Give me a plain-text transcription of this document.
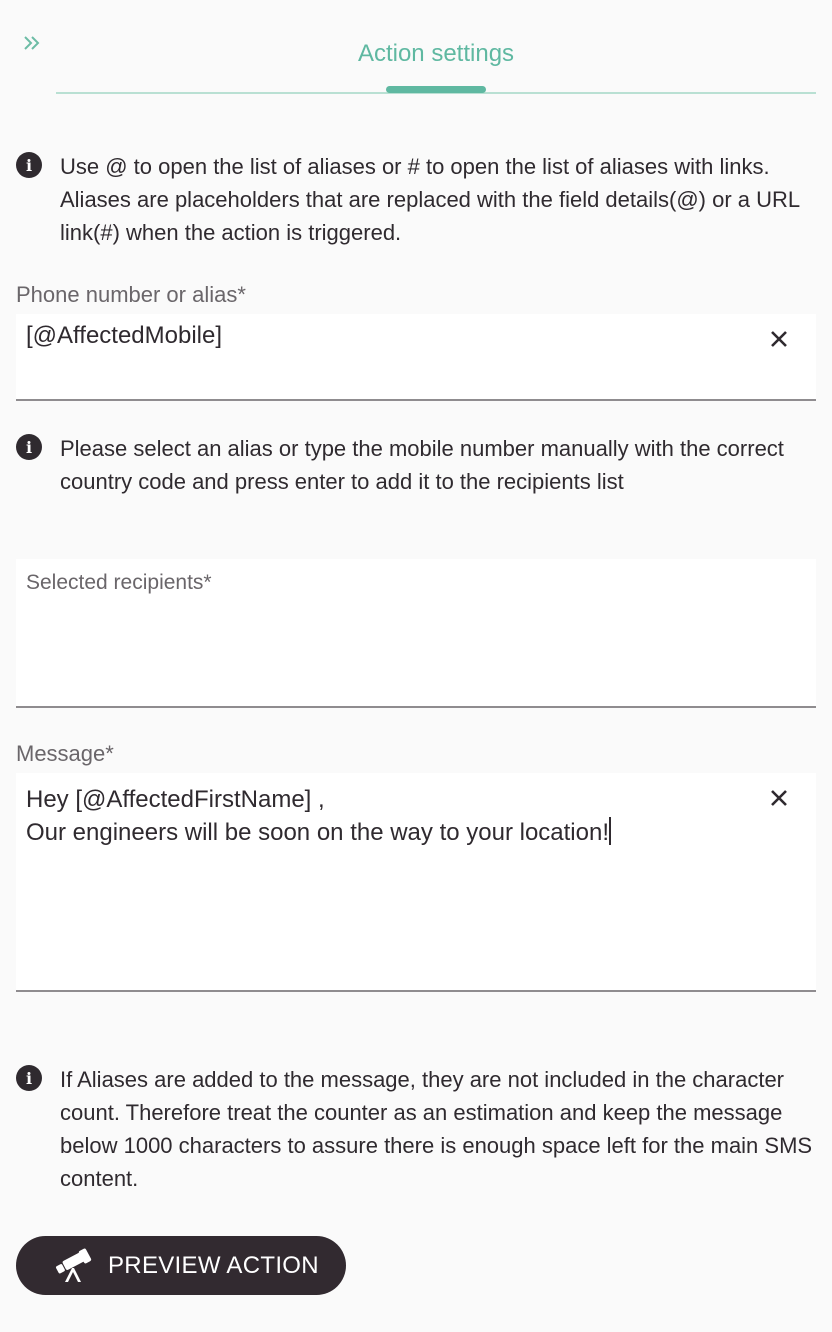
Action settings
i	Use @ to open the list of aliases or # to open the list of aliases with links. Aliases are placeholders that are replaced with the field details(@) or a URL link(#) when the action is triggered.
Phone number or alias*
[@AffectedMobile]
i	Please select an alias or type the mobile number manually with the correct country code and press enter to add it to the recipients list
Selected recipients*
Message*
Hey [@AffectedFirstName] ,
Our engineers will be soon on the way to your location!
i	If Aliases are added to the message, they are not included in the character count. Therefore treat the counter as an estimation and keep the message below 1000 characters to assure there is enough space left for the main SMS content.
PREVIEW ACTION
